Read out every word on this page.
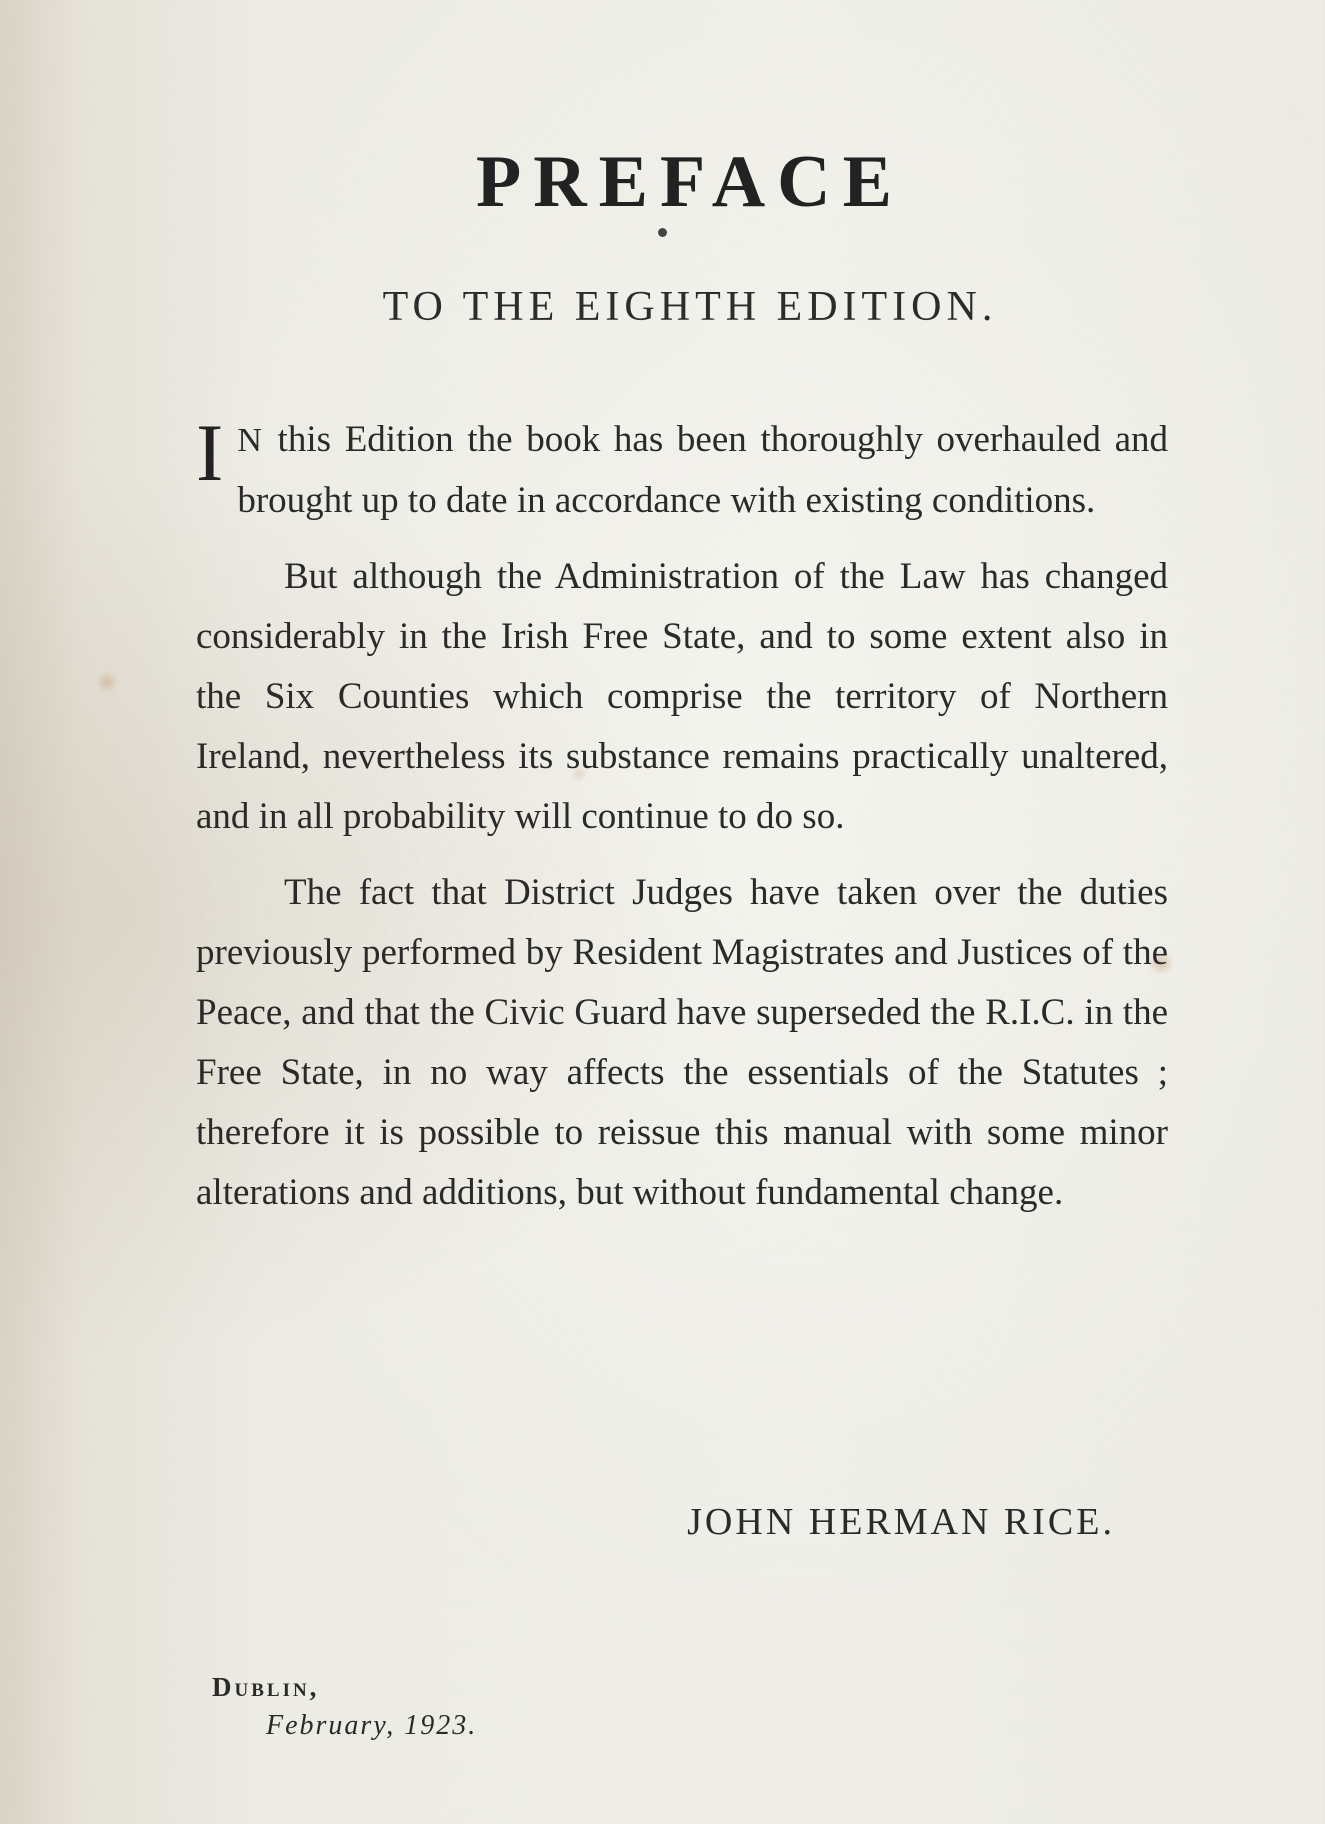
PREFACE
TO THE EIGHTH EDITION.

I N this Edition the book has been thoroughly overhauled and brought up to date in accordance with existing conditions.

But although the Administration of the Law has changed considerably in the Irish Free State, and to some extent also in the Six Counties which comprise the territory of Northern Ireland, nevertheless its substance remains practically unaltered, and in all probability will continue to do so.

The fact that District Judges have taken over the duties previously performed by Resident Magistrates and Justices of the Peace, and that the Civic Guard have superseded the R.I.C. in the Free State, in no way affects the essentials of the Statutes ; therefore it is possible to reissue this manual with some minor alterations and additions, but without fundamental change.

JOHN HERMAN RICE.
Dublin,
February, 1923.
